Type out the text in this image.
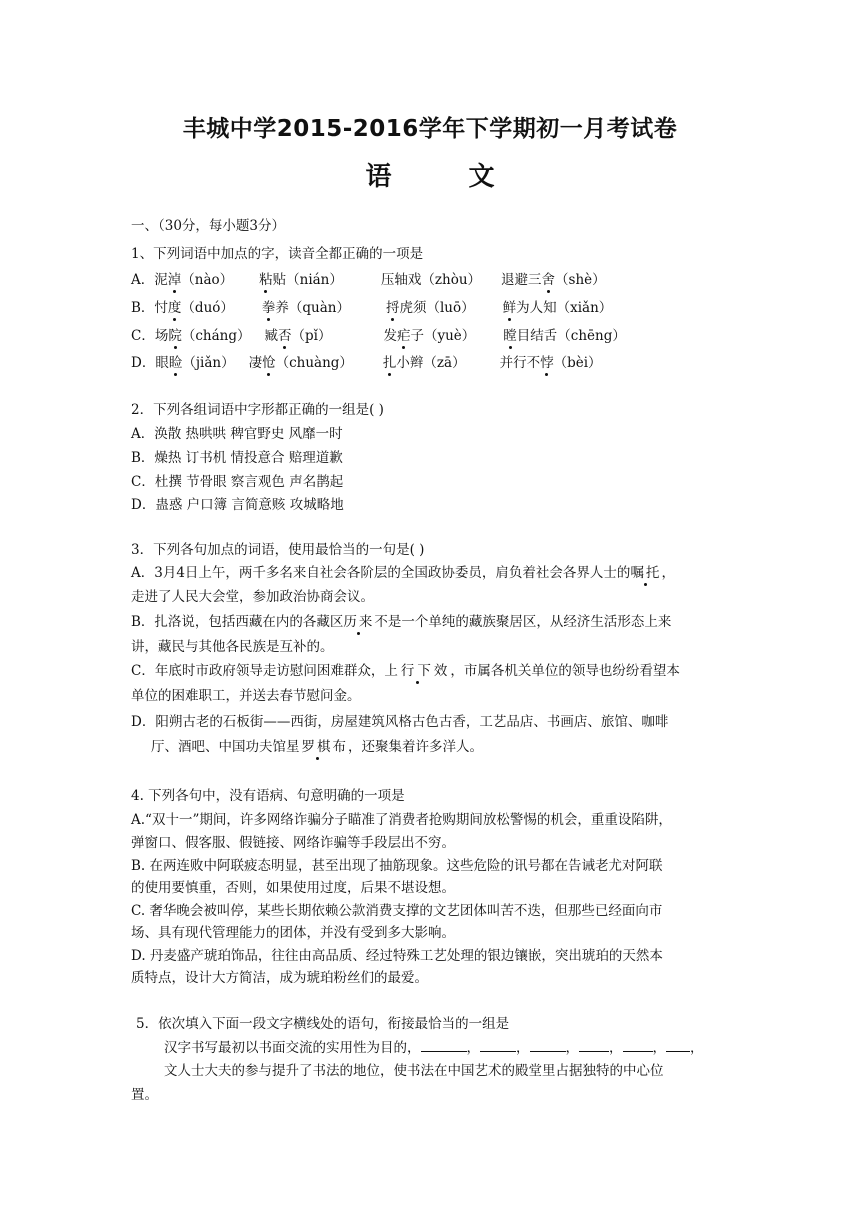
丰城中学2015-2016学年下学期初一月考试卷
语 文
一、（30分，每小题3分）
1、下列词语中加点的字，读音全都正确的一项是
A．泥淖（nào） 粘贴（nián）	压轴戏（zhòu） 退避三舍（shè）
B．忖度（duó） 拳养（quàn）	捋虎须（luō） 鲜为人知（xiǎn）
C．场院（cháng） 臧否（pǐ）	发疟子（yuè） 瞠目结舌（chēng）
D．眼睑（jiǎn） 凄怆（chuàng） 扎小辫（zā）	并行不悖（bèi）
2．下列各组词语中字形都正确的一组是( )
A．涣散 热哄哄 稗官野史 风靡一时
B．燥热 订书机 情投意合 赔理道歉
C．杜撰 节骨眼 察言观色 声名鹊起
D．蛊惑 户口簿 言简意赅 攻城略地
3．下列各句加点的词语，使用最恰当的一句是( )
A．3月4日上午，两千多名来自社会各阶层的全国政协委员，肩负着社会各界人士的嘱托，
走进了人民大会堂，参加政治协商会议。
B．扎洛说，包括西藏在内的各藏区历来不是一个单纯的藏族聚居区，从经济生活形态上来
讲，藏民与其他各民族是互补的。
C．年底时市政府领导走访慰问困难群众，上行下效，市属各机关单位的领导也纷纷看望本
单位的困难职工，并送去春节慰问金。
D．阳朔古老的石板街——西街，房屋建筑风格古色古香，工艺品店、书画店、旅馆、咖啡
厅、酒吧、中国功夫馆星罗棋布，还聚集着许多洋人。
4. 下列各句中，没有语病、句意明确的一项是
A.“双十一”期间，许多网络诈骗分子瞄准了消费者抢购期间放松警惕的机会，重重设陷阱，
弹窗口、假客服、假链接、网络诈骗等手段层出不穷。
B. 在两连败中阿联疲态明显，甚至出现了抽筋现象。这些危险的讯号都在告诫老尤对阿联
的使用要慎重，否则，如果使用过度，后果不堪设想。
C. 奢华晚会被叫停，某些长期依赖公款消费支撑的文艺团体叫苦不迭，但那些已经面向市
场、具有现代管理能力的团体，并没有受到多大影响。
D. 丹麦盛产琥珀饰品，往往由高品质、经过特殊工艺处理的银边镶嵌，突出琥珀的天然本
质特点，设计大方简洁，成为琥珀粉丝们的最爱。
5．依次填入下面一段文字横线处的语句，衔接最恰当的一组是
汉字书写最初以书面交流的实用性为目的，	，	，	， ， ， ，
文人士大夫的参与提升了书法的地位，使书法在中国艺术的殿堂里占据独特的中心位
置。
